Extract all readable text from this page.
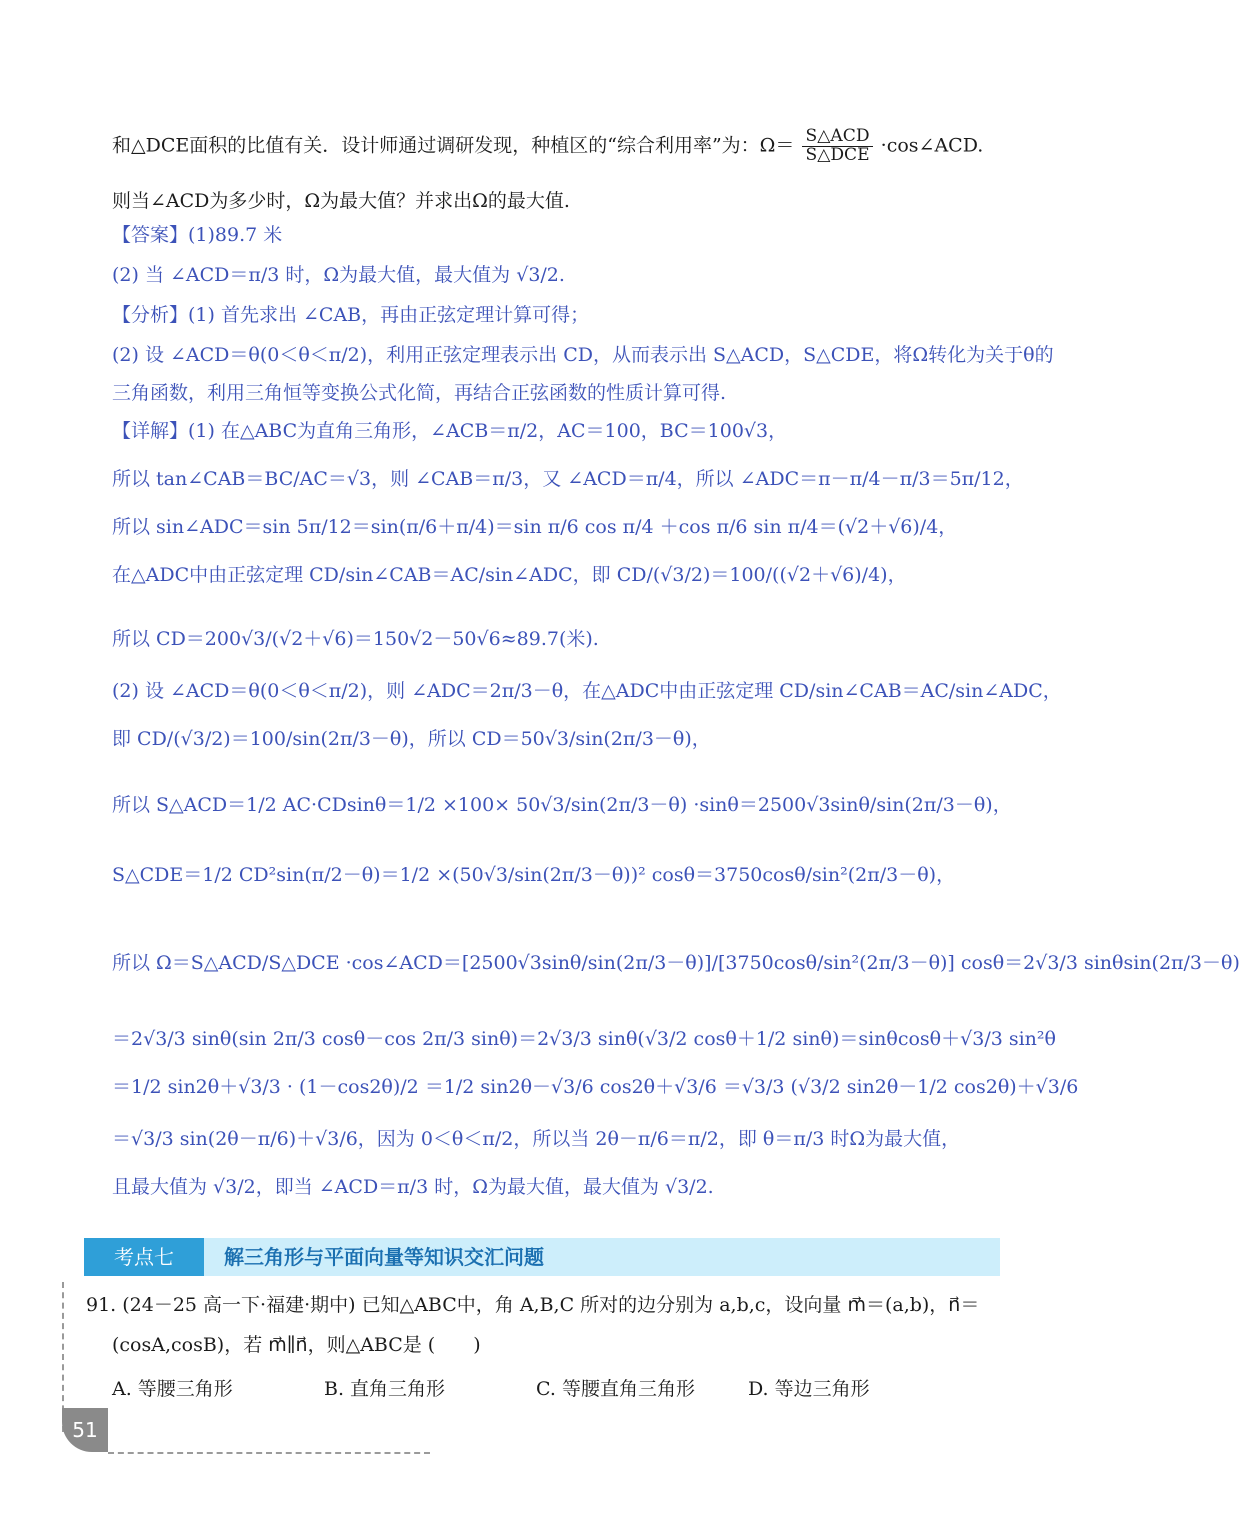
和△DCE面积的比值有关．设计师通过调研发现，种植区的“综合利用率”为：$\Omega= \frac{\text{S△ACD}}{\text{S△DCE}}$ ·cos∠ACD.
则当∠ACD为多少时，Ω为最大值？并求出Ω的最大值.
【答案】(1)89.7 米
(2) 当 ∠ACD＝π/3 时，Ω为最大值，最大值为 √3/2.
【分析】(1) 首先求出 ∠CAB，再由正弦定理计算可得；
(2) 设 ∠ACD＝θ(0＜θ＜π/2)，利用正弦定理表示出 CD，从而表示出 S△ACD，S△CDE，将Ω转化为关于θ的
三角函数，利用三角恒等变换公式化简，再结合正弦函数的性质计算可得.
【详解】(1) 在△ABC为直角三角形，∠ACB＝π/2，AC＝100，BC＝100√3，
所以 tan∠CAB＝BC/AC＝√3，则 ∠CAB＝π/3，又 ∠ACD＝π/4，所以 ∠ADC＝π－π/4－π/3＝5π/12，
所以 sin∠ADC＝sin 5π/12＝sin(π/6＋π/4)＝sin π/6 cos π/4 ＋cos π/6 sin π/4＝(√2＋√6)/4，
在△ADC中由正弦定理 CD/sin∠CAB＝AC/sin∠ADC，即 CD/(√3/2)＝100/((√2＋√6)/4)，
所以 CD＝200√3/(√2＋√6)＝150√2－50√6≈89.7(米).
(2) 设 ∠ACD＝θ(0＜θ＜π/2)，则 ∠ADC＝2π/3－θ，在△ADC中由正弦定理 CD/sin∠CAB＝AC/sin∠ADC，
即 CD/(√3/2)＝100/sin(2π/3－θ)，所以 CD＝50√3/sin(2π/3－θ)，
所以 S△ACD＝1/2 AC·CDsinθ＝1/2 ×100× 50√3/sin(2π/3－θ) ·sinθ＝2500√3sinθ/sin(2π/3－θ)，
S△CDE＝1/2 CD²sin(π/2－θ)＝1/2 ×(50√3/sin(2π/3－θ))² cosθ＝3750cosθ/sin²(2π/3－θ)，
所以 Ω＝S△ACD/S△DCE ·cos∠ACD＝[2500√3sinθ/sin(2π/3－θ)]/[3750cosθ/sin²(2π/3－θ)] cosθ＝2√3/3 sinθsin(2π/3－θ)
＝2√3/3 sinθ(sin 2π/3 cosθ－cos 2π/3 sinθ)＝2√3/3 sinθ(√3/2 cosθ＋1/2 sinθ)＝sinθcosθ＋√3/3 sin²θ
＝1/2 sin2θ＋√3/3 · (1－cos2θ)/2 ＝1/2 sin2θ－√3/6 cos2θ＋√3/6 ＝√3/3 (√3/2 sin2θ－1/2 cos2θ)＋√3/6
＝√3/3 sin(2θ－π/6)＋√3/6，因为 0＜θ＜π/2，所以当 2θ－π/6＝π/2，即 θ＝π/3 时Ω为最大值，
且最大值为 √3/2，即当 ∠ACD＝π/3 时，Ω为最大值，最大值为 √3/2.
考点七	解三角形与平面向量等知识交汇问题
91. (24－25 高一下·福建·期中) 已知△ABC中，角 A,B,C 所对的边分别为 a,b,c，设向量 m⃗＝(a,b)，n⃗＝
(cosA,cosB)，若 m⃗∥n⃗，则△ABC是 (　　)
A. 等腰三角形	B. 直角三角形	C. 等腰直角三角形	D. 等边三角形
51
